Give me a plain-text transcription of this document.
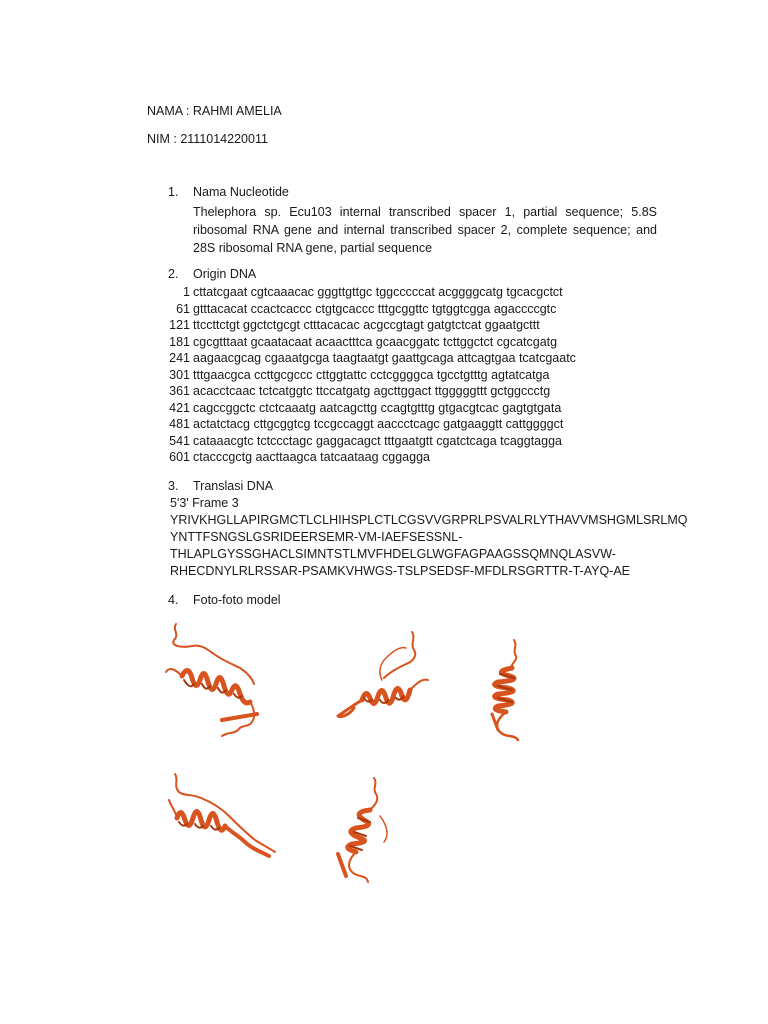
NAMA : RAHMI AMELIA
NIM : 2111014220011
1. Nama Nucleotide
Thelephora sp. Ecu103 internal transcribed spacer 1, partial sequence; 5.8S
ribosomal RNA gene and internal transcribed spacer 2, complete sequence; and
28S ribosomal RNA gene, partial sequence
2. Origin DNA
1 cttatcgaat cgtcaaacac gggttgttgc tggcccccat acggggcatg tgcacgctct
61 gtttacacat ccactcaccc ctgtgcaccc tttgcggttc tgtggtcgga agaccccgtc
121 ttccttctgt ggctctgcgt ctttacacac acgccgtagt gatgtctcat ggaatgcttt
181 cgcgtttaat gcaatacaat acaactttca gcaacggatc tcttggctct cgcatcgatg
241 aagaacgcag cgaaatgcga taagtaatgt gaattgcaga attcagtgaa tcatcgaatc
301 tttgaacgca ccttgcgccc cttggtattc cctcggggca tgcctgtttg agtatcatga
361 acacctcaac tctcatggtc ttccatgatg agcttggact ttgggggttt gctggccctg
421 cagccggctc ctctcaaatg aatcagcttg ccagtgtttg gtgacgtcac gagtgtgata
481 actatctacg cttgcggtcg tccgccaggt aaccctcagc gatgaaggtt cattggggct
541 cataaacgtc tctccctagc gaggacagct tttgaatgtt cgatctcaga tcaggtagga
601 ctacccgctg aacttaagca tatcaataag cggagga
3. Translasi DNA
5'3' Frame 3
YRIVKHGLLAPIRGMCTLCLHIHSPLCTLCGSVVGRPRLPSVALRLYTHAVVMSHGMLSRLMQ
YNTTFSNGSLGSRIDEERSEMR-VM-IAEFSESSNL-
THLAPLGYSSGHACLSIMNTSTLMVFHDELGLWGFAGPAAGSSQMNQLASVW-
RHECDNYLRLRSSAR-PSAMKVHWGS-TSLPSEDSF-MFDLRSGRTTR-T-AYQ-AE
4. Foto-foto model
